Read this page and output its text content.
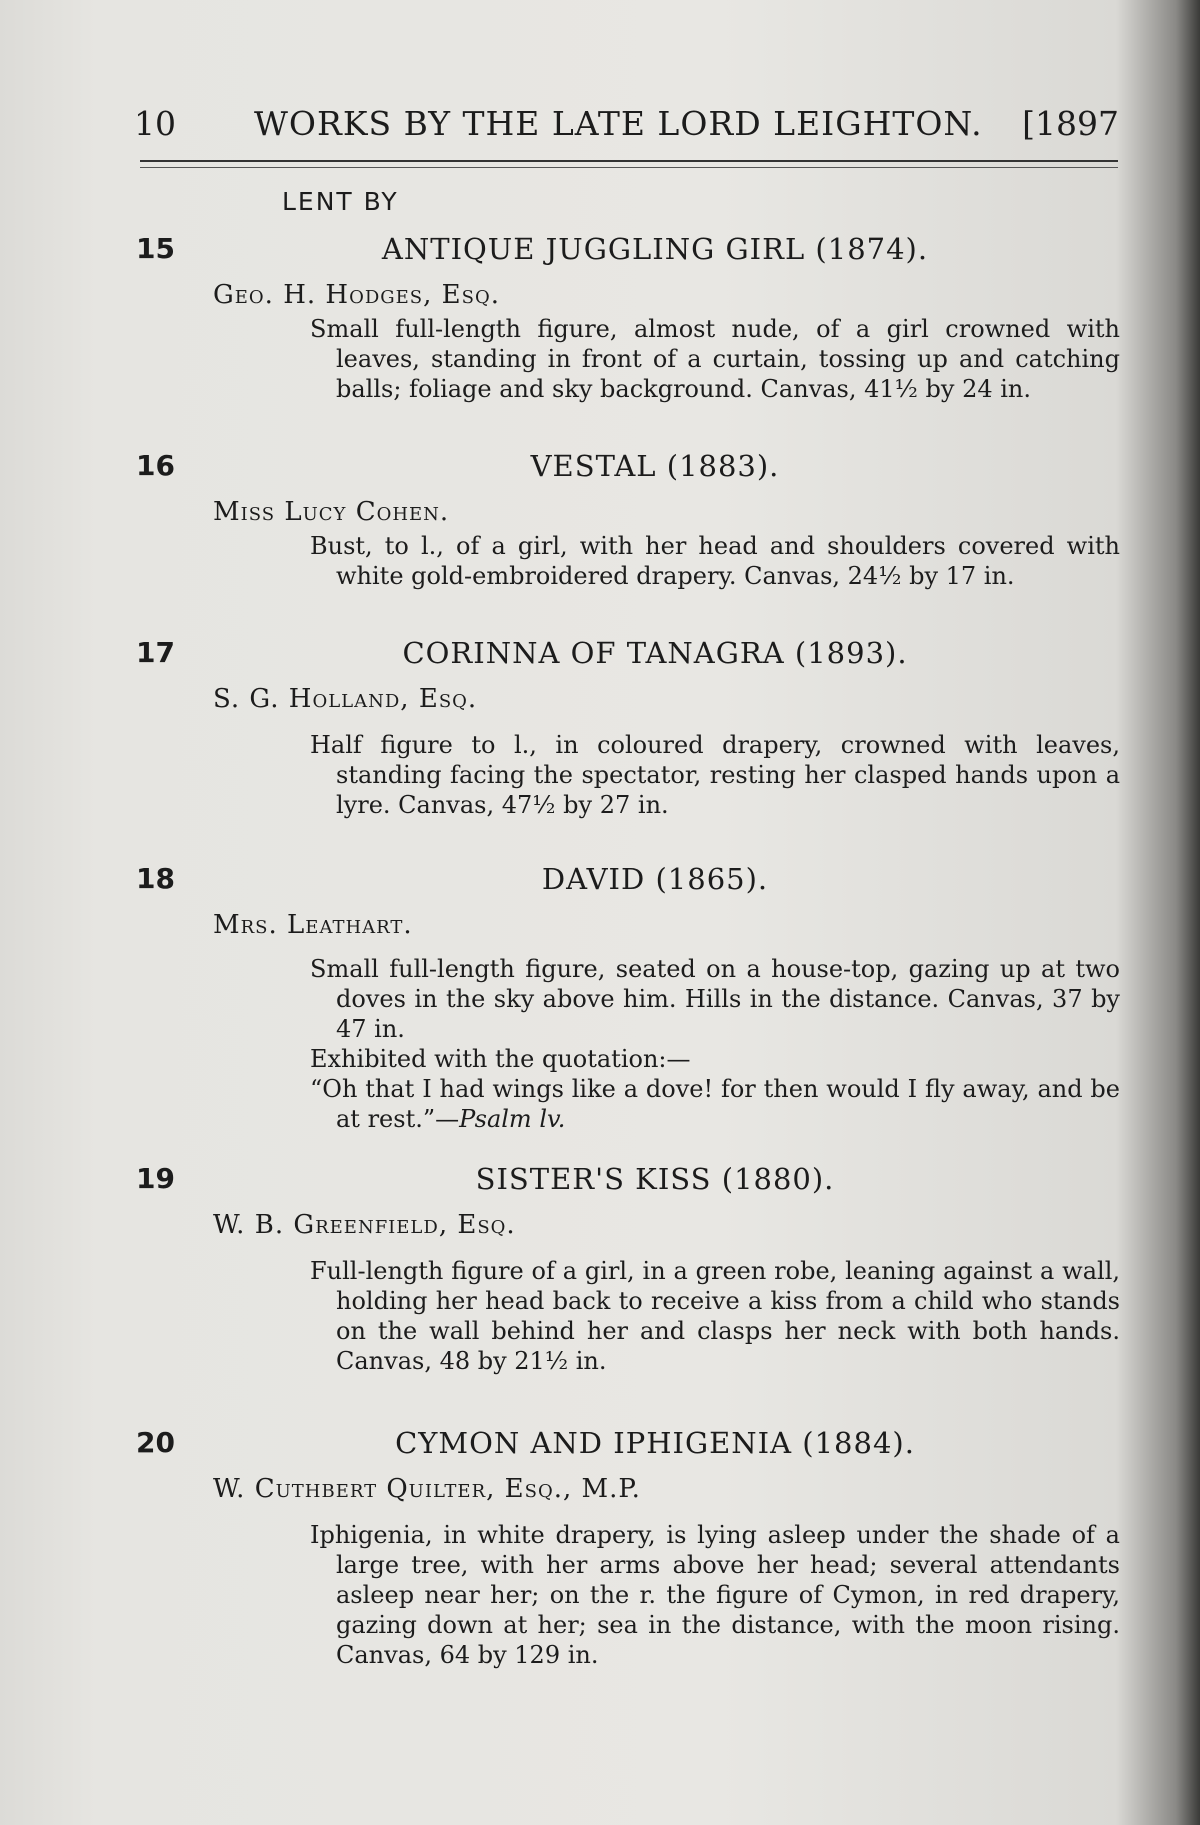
10 WORKS BY THE LATE LORD LEIGHTON. [1897
LENT BY
15	ANTIQUE JUGGLING GIRL (1874).
Geo. H. Hodges, Esq.

Small full-length figure, almost nude, of a girl crowned with leaves, standing in front of a curtain, tossing up and catching balls; foliage and sky background. Canvas, 41½ by 24 in.

16	VESTAL (1883).
Miss Lucy Cohen.

Bust, to l., of a girl, with her head and shoulders covered with white gold-embroidered drapery. Canvas, 24½ by 17 in.

17	CORINNA OF TANAGRA (1893).
S. G. Holland, Esq.

Half figure to l., in coloured drapery, crowned with leaves, standing facing the spectator, resting her clasped hands upon a lyre. Canvas, 47½ by 27 in.

18	DAVID (1865).
Mrs. Leathart.

Small full-length figure, seated on a house-top, gazing up at two doves in the sky above him. Hills in the distance. Canvas, 37 by 47 in.

Exhibited with the quotation:—

“Oh that I had wings like a dove! for then would I fly away, and be at rest.”—Psalm lv.

19	SISTER'S KISS (1880).
W. B. Greenfield, Esq.

Full-length figure of a girl, in a green robe, leaning against a wall, holding her head back to receive a kiss from a child who stands on the wall behind her and clasps her neck with both hands. Canvas, 48 by 21½ in.

20	CYMON AND IPHIGENIA (1884).
W. Cuthbert Quilter, Esq., M.P.

Iphigenia, in white drapery, is lying asleep under the shade of a large tree, with her arms above her head; several attendants asleep near her; on the r. the figure of Cymon, in red drapery, gazing down at her; sea in the distance, with the moon rising. Canvas, 64 by 129 in.
